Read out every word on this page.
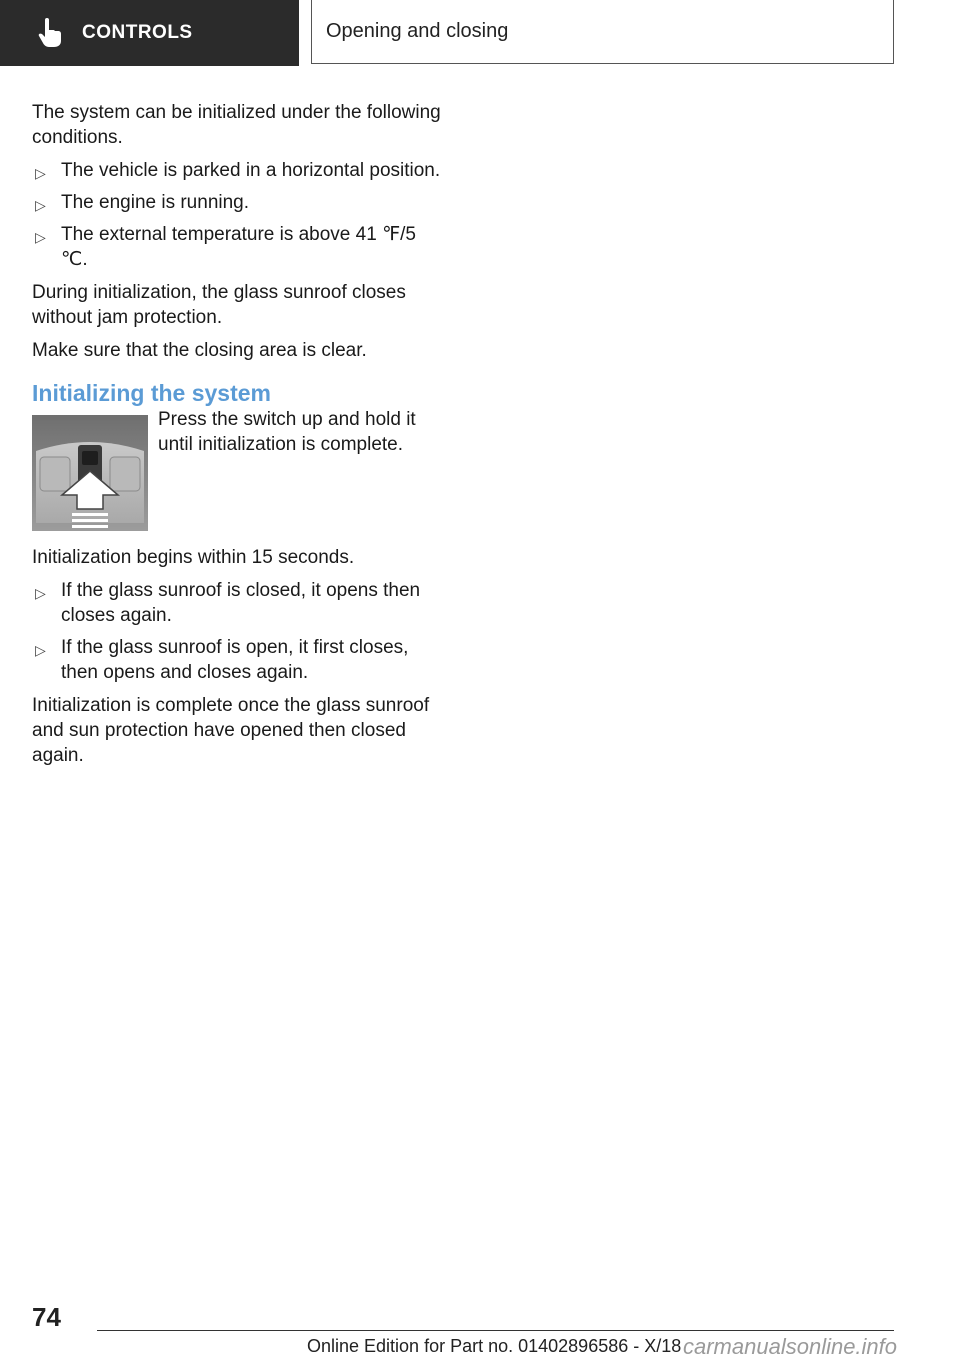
CONTROLS	Opening and closing

The system can be initialized under the following conditions.

▷ The vehicle is parked in a horizontal position.
▷ The engine is running.
▷ The external temperature is above 41 ℉/5 ℃.

During initialization, the glass sunroof closes without jam protection.

Make sure that the closing area is clear.

Initializing the system
Press the switch up and hold it until initialization is complete.

Initialization begins within 15 seconds.

▷ If the glass sunroof is closed, it opens then closes again.
▷ If the glass sunroof is open, it first closes, then opens and closes again.

Initialization is complete once the glass sunroof and sun protection have opened then closed again.

74
Online Edition for Part no. 01402896586 - X/18 carmanualsonline.info
